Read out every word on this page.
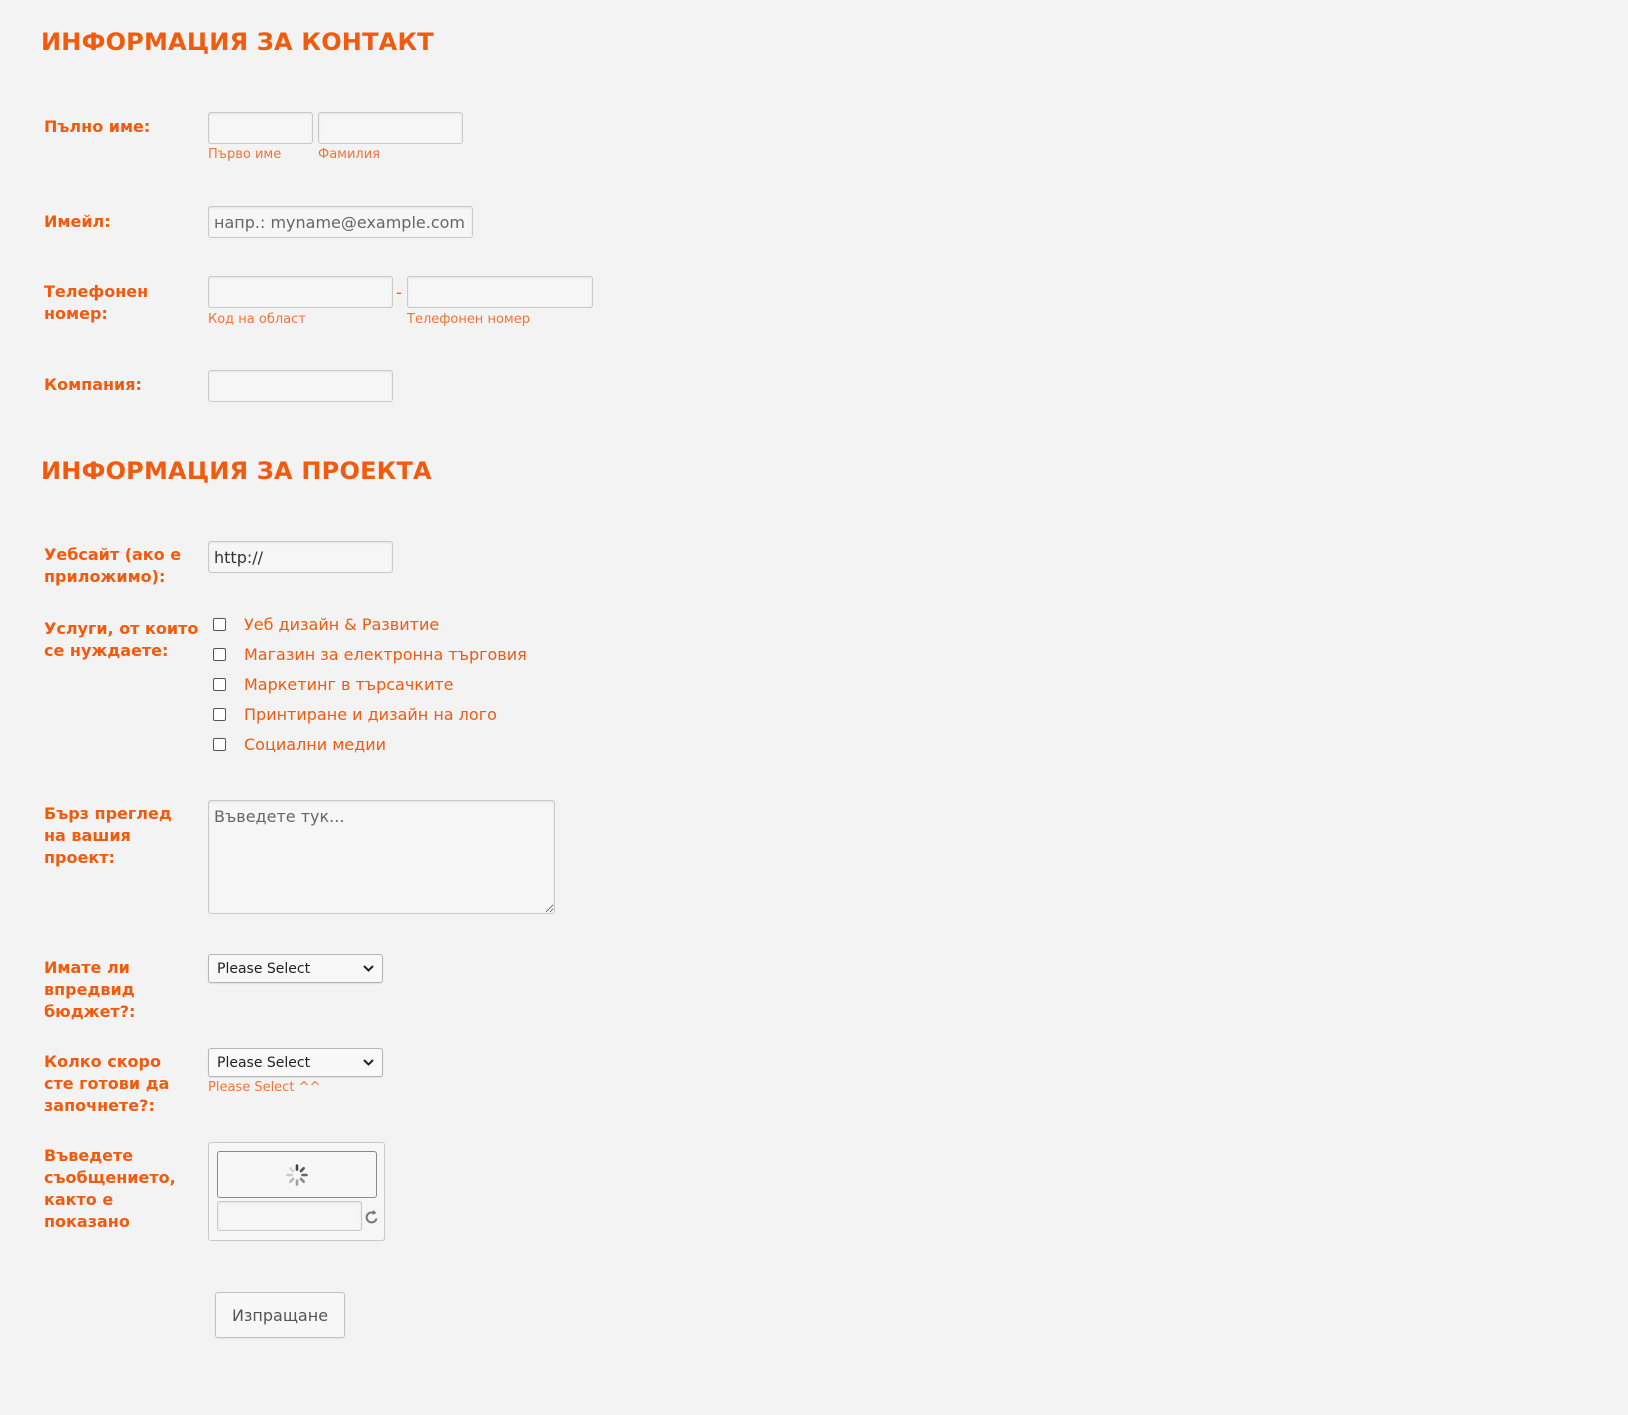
ИНФОРМАЦИЯ ЗА КОНТАКТ
Пълно име:
Първо име	Фамилия
Имейл:
напр.: myname@example.com
Телефонен номер:
-
Код на област	Телефонен номер
Компания:
ИНФОРМАЦИЯ ЗА ПРОЕКТА
Уебсайт (ако е приложимо):
http://
Услуги, от които се нуждаете:
Уеб дизайн & Развитие
Магазин за електронна търговия
Маркетинг в търсачките
Принтиране и дизайн на лого
Социални медии
Бърз преглед на вашия проект:
Въведете тук...
Имате ли впредвид бюджет?:
Please Select
Колко скоро сте готови да започнете?:
Please Select
Please Select ^^
Въведете съобщението, както е показано
Изпращане
